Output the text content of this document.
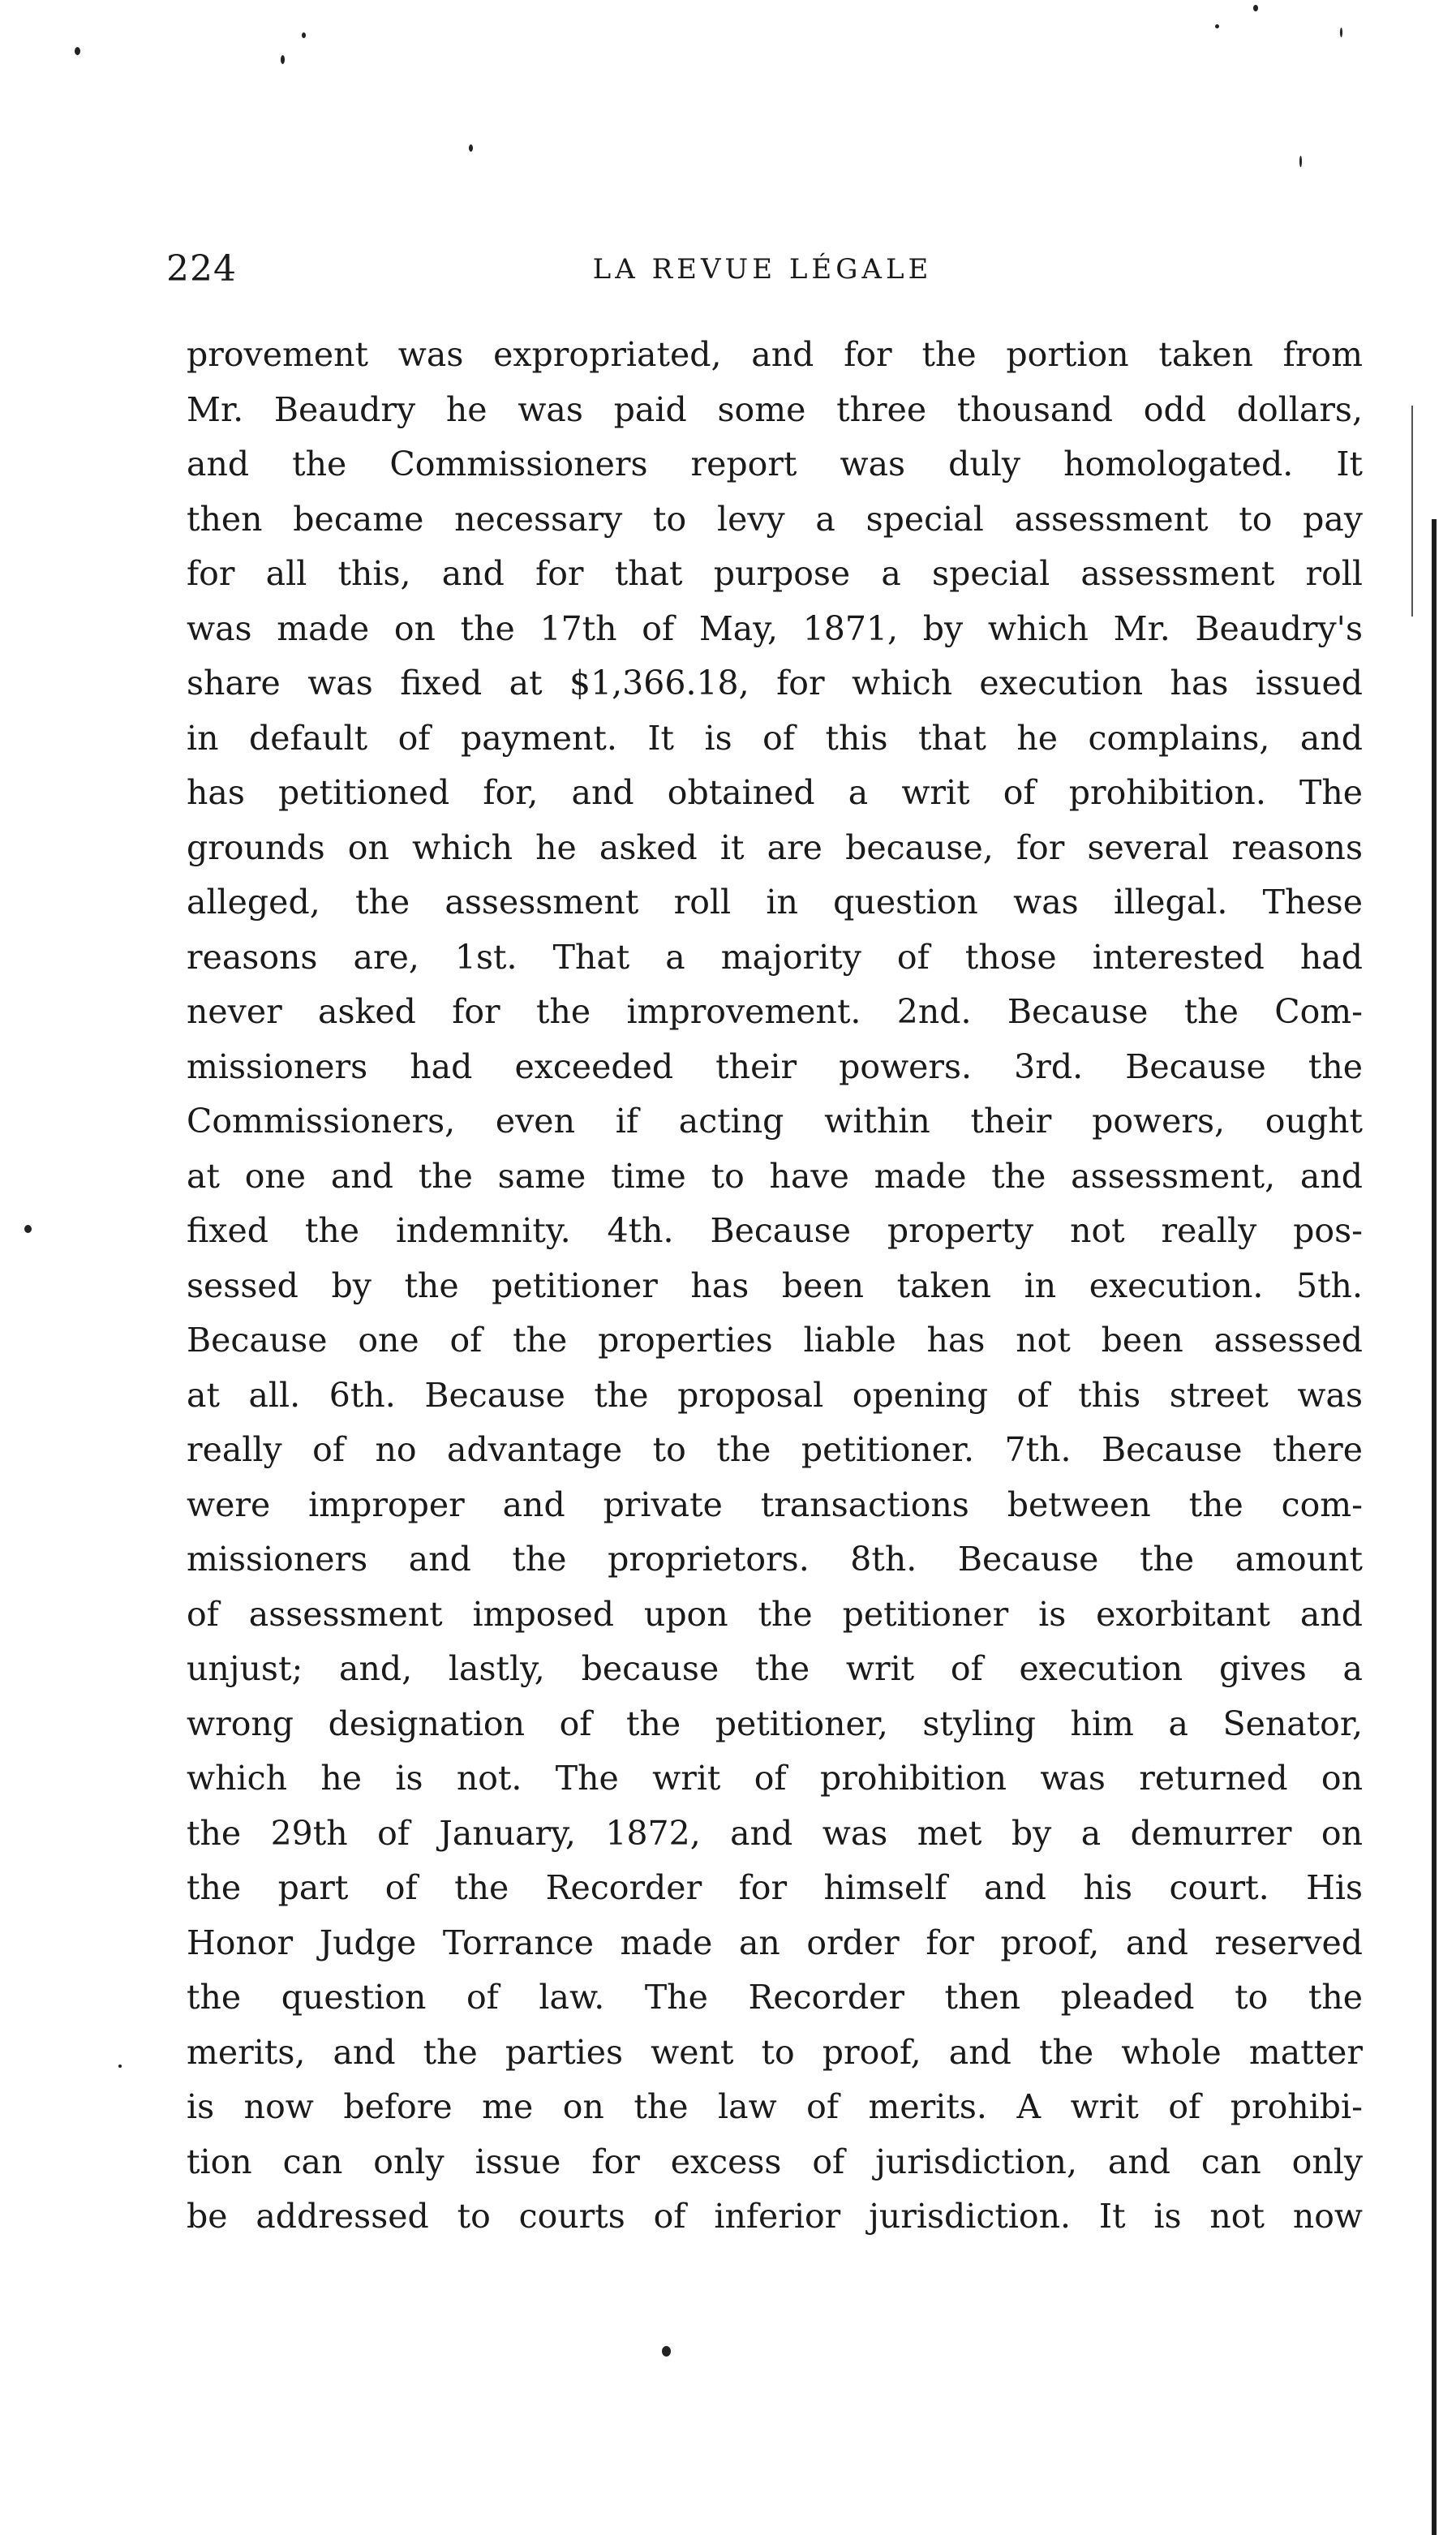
224	LA REVUE LÉGALE
provement was expropriated, and for the portion taken from
Mr. Beaudry he was paid some three thousand odd dollars,
and the Commissioners report was duly homologated. It
then became necessary to levy a special assessment to pay
for all this, and for that purpose a special assessment roll
was made on the 17th of May, 1871, by which Mr. Beaudry's
share was fixed at $1,366.18, for which execution has issued
in default of payment. It is of this that he complains, and
has petitioned for, and obtained a writ of prohibition. The
grounds on which he asked it are because, for several reasons
alleged, the assessment roll in question was illegal. These
reasons are, 1st. That a majority of those interested had
never asked for the improvement. 2nd. Because the Com-
missioners had exceeded their powers. 3rd. Because the
Commissioners, even if acting within their powers, ought
at one and the same time to have made the assessment, and
fixed the indemnity. 4th. Because property not really pos-
sessed by the petitioner has been taken in execution. 5th.
Because one of the properties liable has not been assessed
at all. 6th. Because the proposal opening of this street was
really of no advantage to the petitioner. 7th. Because there
were improper and private transactions between the com-
missioners and the proprietors. 8th. Because the amount
of assessment imposed upon the petitioner is exorbitant and
unjust; and, lastly, because the writ of execution gives a
wrong designation of the petitioner, styling him a Senator,
which he is not. The writ of prohibition was returned on
the 29th of January, 1872, and was met by a demurrer on
the part of the Recorder for himself and his court. His
Honor Judge Torrance made an order for proof, and reserved
the question of law. The Recorder then pleaded to the
merits, and the parties went to proof, and the whole matter
is now before me on the law of merits. A writ of prohibi-
tion can only issue for excess of jurisdiction, and can only
be addressed to courts of inferior jurisdiction. It is not now
